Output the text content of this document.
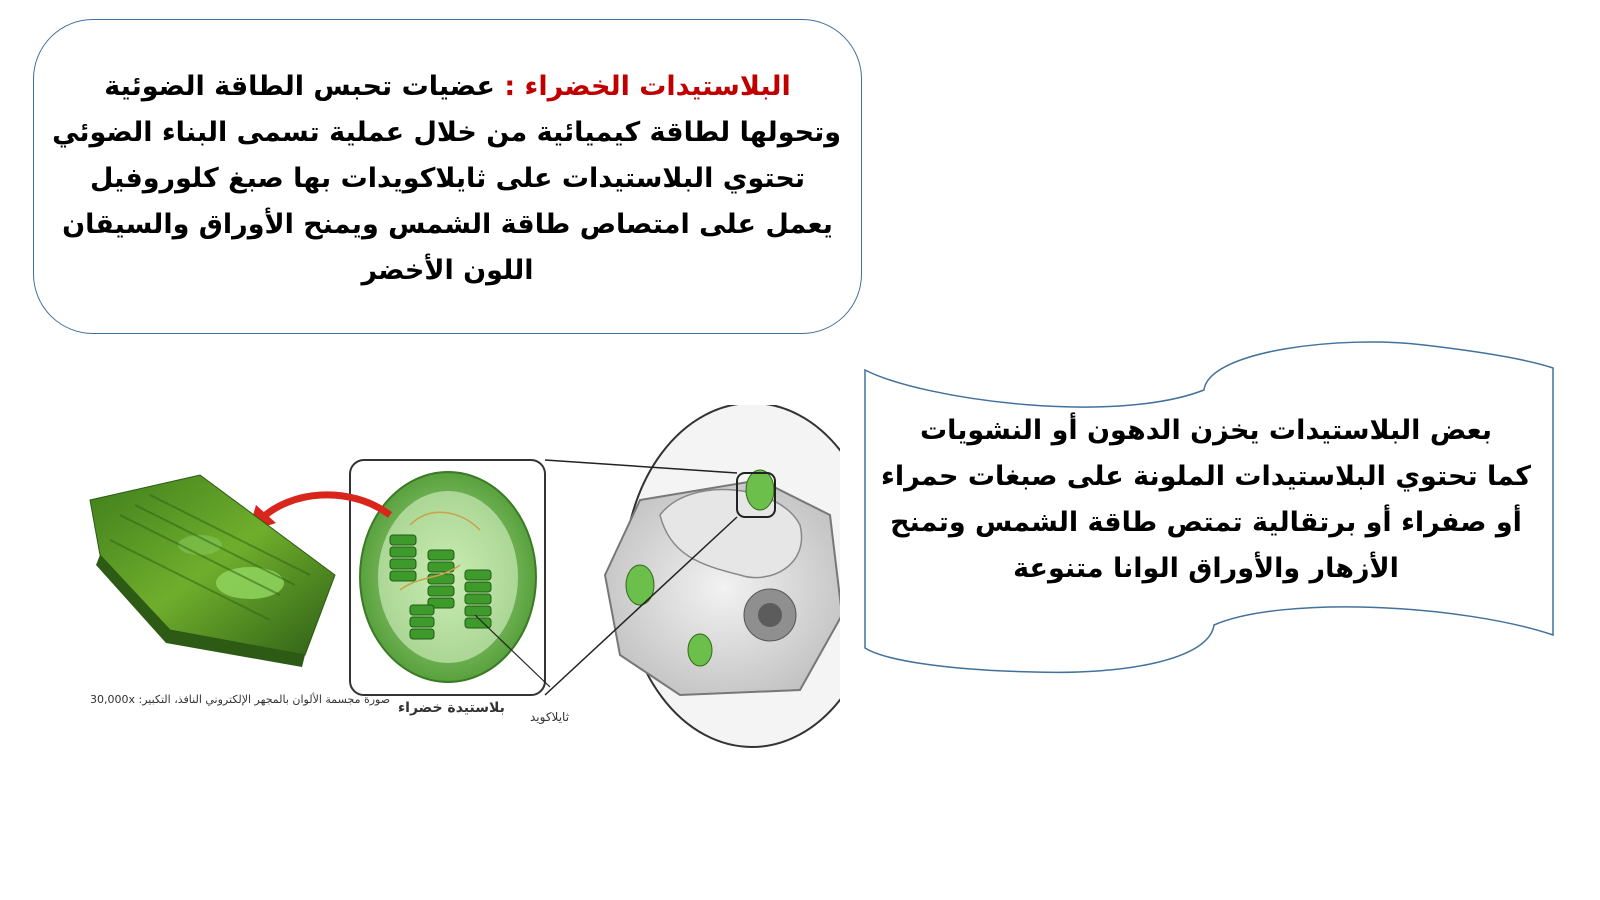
البلاستيدات الخضراء : عضيات تحبس الطاقة الضوئية
وتحولها لطاقة كيميائية من خلال عملية تسمى البناء الضوئي
تحتوي البلاستيدات على ثايلاكويدات بها صبغ كلوروفيل
يعمل على امتصاص طاقة الشمس ويمنح الأوراق والسيقان
اللون الأخضر
بعض البلاستيدات يخزن الدهون أو النشويات
كما تحتوي البلاستيدات الملونة على صبغات حمراء
أو صفراء أو برتقالية تمتص طاقة الشمس وتمنح
الأزهار والأوراق الوانا متنوعة
صورة مجسمة الألوان بالمجهر الإلكتروني النافذ، التكبير: 30,000x
بلاستيدة خضراء
ثايلاكويد
